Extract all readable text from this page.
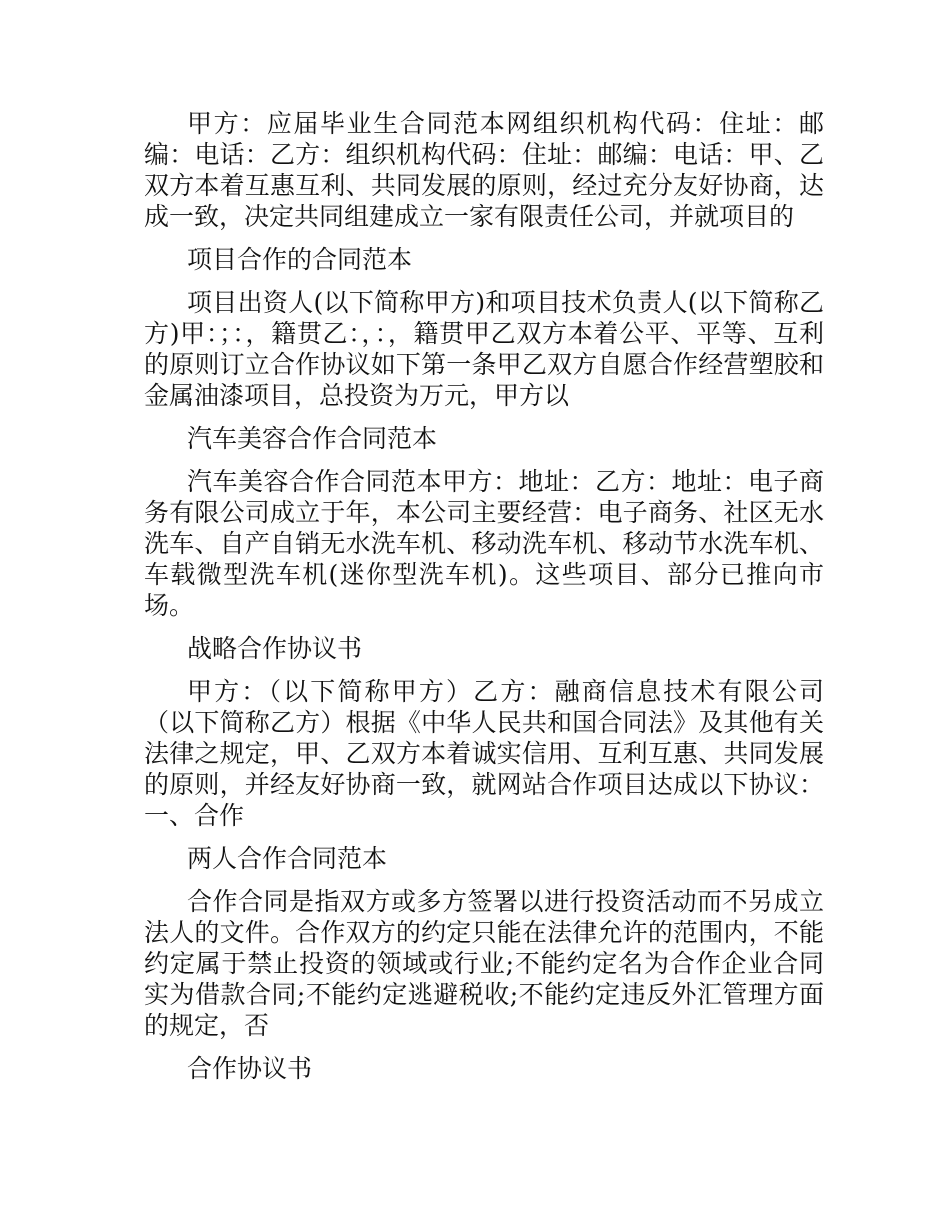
甲方：应届毕业生合同范本网组织机构代码：住址：邮编：电话：乙方：组织机构代码：住址：邮编：电话：甲、乙双方本着互惠互利、共同发展的原则，经过充分友好协商，达成一致，决定共同组建成立一家有限责任公司，并就项目的

项目合作的合同范本

项目出资人(以下简称甲方)和项目技术负责人(以下简称乙方)甲：；：，籍贯乙：，：，籍贯甲乙双方本着公平、平等、互利的原则订立合作协议如下第一条甲乙双方自愿合作经营塑胶和金属油漆项目，总投资为万元，甲方以

汽车美容合作合同范本

汽车美容合作合同范本甲方：地址：乙方：地址：电子商务有限公司成立于年，本公司主要经营：电子商务、社区无水洗车、自产自销无水洗车机、移动洗车机、移动节水洗车机、车载微型洗车机(迷你型洗车机)。这些项目、部分已推向市场。

战略合作协议书

甲方：（以下简称甲方）乙方：融商信息技术有限公司（以下简称乙方）根据《中华人民共和国合同法》及其他有关法律之规定，甲、乙双方本着诚实信用、互利互惠、共同发展的原则，并经友好协商一致，就网站合作项目达成以下协议：一、合作

两人合作合同范本

合作合同是指双方或多方签署以进行投资活动而不另成立法人的文件。合作双方的约定只能在法律允许的范围内，不能约定属于禁止投资的领域或行业;不能约定名为合作企业合同实为借款合同;不能约定逃避税收;不能约定违反外汇管理方面的规定，否

合作协议书
